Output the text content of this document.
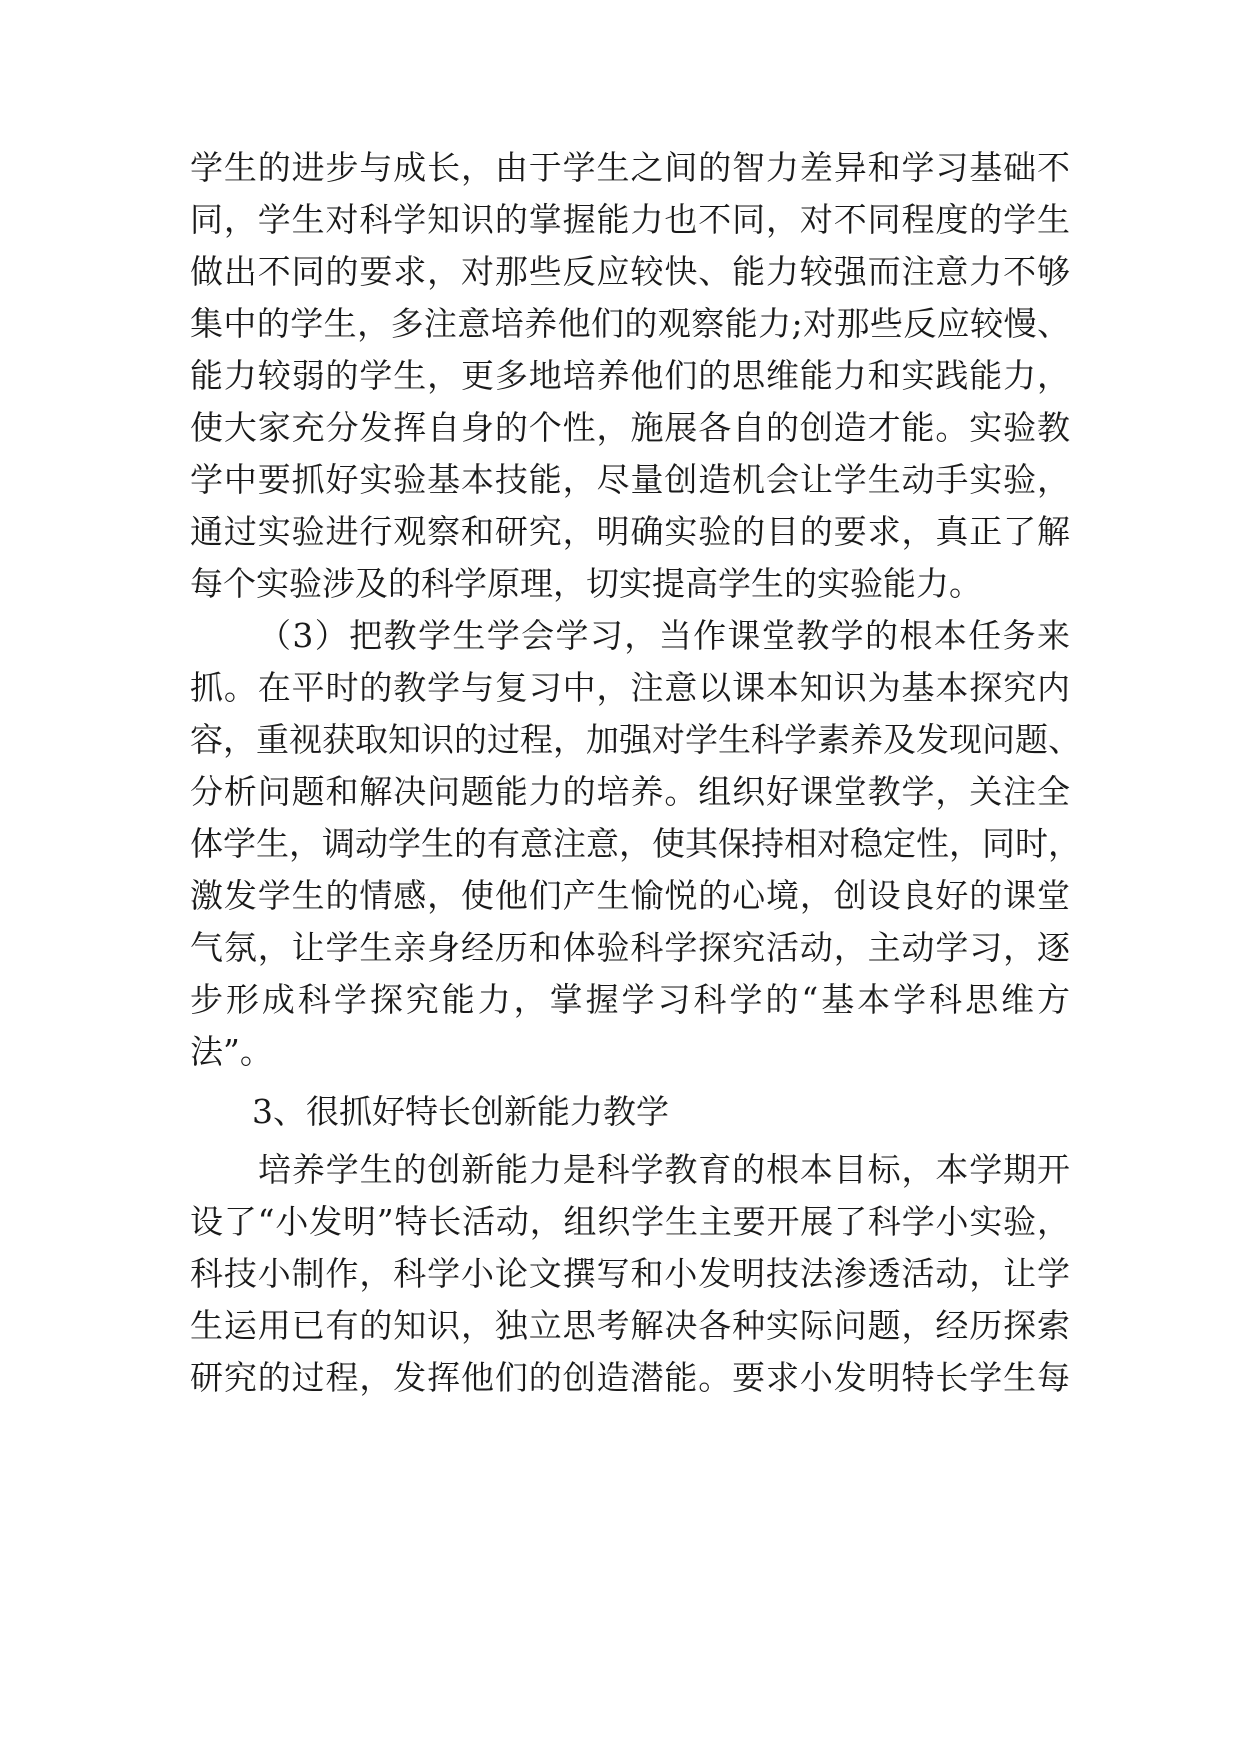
学生的进步与成长，由于学生之间的智力差异和学习基础不
同，学生对科学知识的掌握能力也不同，对不同程度的学生
做出不同的要求，对那些反应较快、能力较强而注意力不够
集中的学生，多注意培养他们的观察能力;对那些反应较慢、
能力较弱的学生，更多地培养他们的思维能力和实践能力，
使大家充分发挥自身的个性，施展各自的创造才能。实验教
学中要抓好实验基本技能，尽量创造机会让学生动手实验，
通过实验进行观察和研究，明确实验的目的要求，真正了解
每个实验涉及的科学原理，切实提高学生的实验能力。
（3）把教学生学会学习，当作课堂教学的根本任务来
抓。在平时的教学与复习中，注意以课本知识为基本探究内
容，重视获取知识的过程，加强对学生科学素养及发现问题、
分析问题和解决问题能力的培养。组织好课堂教学，关注全
体学生，调动学生的有意注意，使其保持相对稳定性，同时，
激发学生的情感，使他们产生愉悦的心境，创设良好的课堂
气氛，让学生亲身经历和体验科学探究活动，主动学习，逐
步形成科学探究能力，掌握学习科学的“基本学科思维方
法”。
3、很抓好特长创新能力教学
培养学生的创新能力是科学教育的根本目标，本学期开
设了“小发明”特长活动，组织学生主要开展了科学小实验，
科技小制作，科学小论文撰写和小发明技法渗透活动，让学
生运用已有的知识，独立思考解决各种实际问题，经历探索
研究的过程，发挥他们的创造潜能。要求小发明特长学生每
